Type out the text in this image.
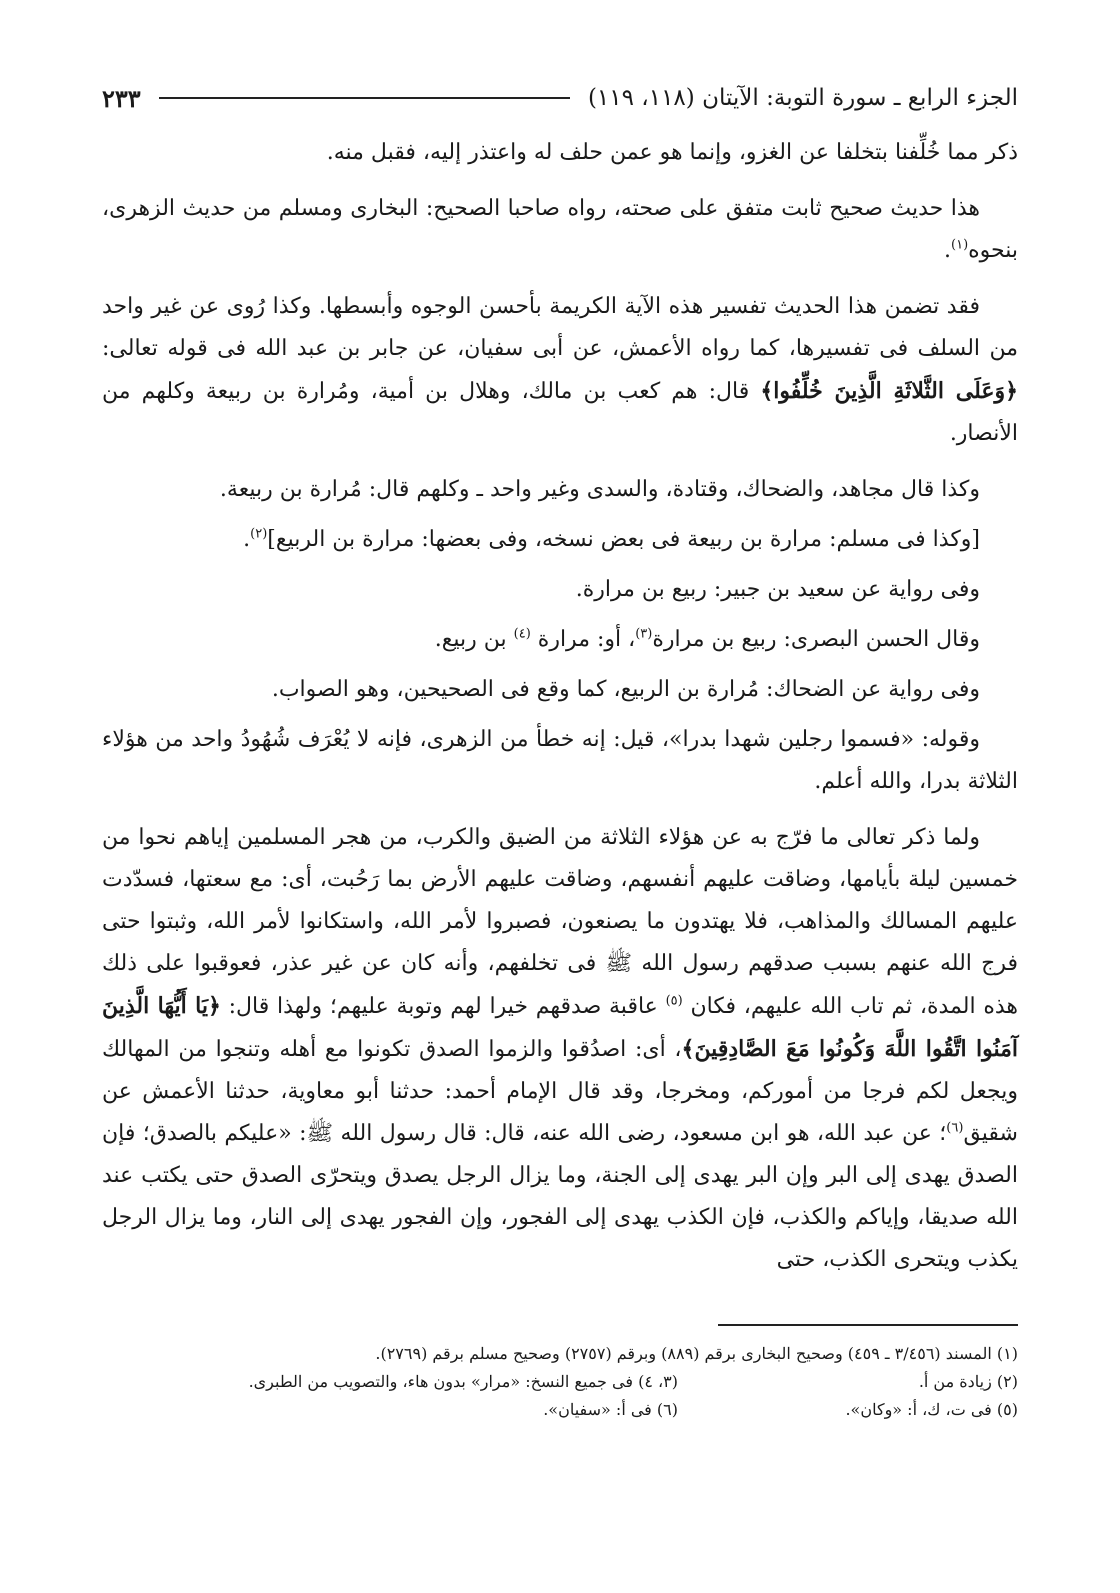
الجزء الرابع ـ سورة التوبة: الآيتان (١١٨، ١١٩)
٢٣٣

ذكر مما خُلِّفنا بتخلفا عن الغزو، وإنما هو عمن حلف له واعتذر إليه، فقبل منه.

هذا حديث صحيح ثابت متفق على صحته، رواه صاحبا الصحيح: البخارى ومسلم من حديث الزهرى، بنحوه$^{(١)}$.

فقد تضمن هذا الحديث تفسير هذه الآية الكريمة بأحسن الوجوه وأبسطها. وكذا رُوى عن غير واحد من السلف فى تفسيرها، كما رواه الأعمش، عن أبى سفيان، عن جابر بن عبد الله فى قوله تعالى: ﴿وَعَلَى الثَّلاثَةِ الَّذِينَ خُلِّفُوا﴾ قال: هم كعب بن مالك، وهلال بن أمية، ومُرارة بن ربيعة وكلهم من الأنصار.

وكذا قال مجاهد، والضحاك، وقتادة، والسدى وغير واحد ـ وكلهم قال: مُرارة بن ربيعة.

[وكذا فى مسلم: مرارة بن ربيعة فى بعض نسخه، وفى بعضها: مرارة بن الربيع]$^{(٢)}$.

وفى رواية عن سعيد بن جبير: ربيع بن مرارة.

وقال الحسن البصرى: ربيع بن مرارة$^{(٣)}$، أو: مرارة $^{(٤)}$ بن ربيع.

وفى رواية عن الضحاك: مُرارة بن الربيع، كما وقع فى الصحيحين، وهو الصواب.

وقوله: «فسموا رجلين شهدا بدرا»، قيل: إنه خطأ من الزهرى، فإنه لا يُعْرَف شُهُودُ واحد من هؤلاء الثلاثة بدرا، والله أعلم.

ولما ذكر تعالى ما فرّج به عن هؤلاء الثلاثة من الضيق والكرب، من هجر المسلمين إياهم نحوا من خمسين ليلة بأيامها، وضاقت عليهم أنفسهم، وضاقت عليهم الأرض بما رَحُبت، أى: مع سعتها، فسدّدت عليهم المسالك والمذاهب، فلا يهتدون ما يصنعون، فصبروا لأمر الله، واستكانوا لأمر الله، وثبتوا حتى فرج الله عنهم بسبب صدقهم رسول الله ﷺ فى تخلفهم، وأنه كان عن غير عذر، فعوقبوا على ذلك هذه المدة، ثم تاب الله عليهم، فكان $^{(٥)}$ عاقبة صدقهم خيرا لهم وتوبة عليهم؛ ولهذا قال: ﴿يَا أَيُّهَا الَّذِينَ آمَنُوا اتَّقُوا اللَّهَ وَكُونُوا مَعَ الصَّادِقِينَ﴾، أى: اصدُقوا والزموا الصدق تكونوا مع أهله وتنجوا من المهالك ويجعل لكم فرجا من أموركم، ومخرجا، وقد قال الإمام أحمد: حدثنا أبو معاوية، حدثنا الأعمش عن شقيق$^{(٦)}$؛ عن عبد الله، هو ابن مسعود، رضى الله عنه، قال: قال رسول الله ﷺ: «عليكم بالصدق؛ فإن الصدق يهدى إلى البر وإن البر يهدى إلى الجنة، وما يزال الرجل يصدق ويتحرّى الصدق حتى يكتب عند الله صديقا، وإياكم والكذب، فإن الكذب يهدى إلى الفجور، وإن الفجور يهدى إلى النار، وما يزال الرجل يكذب ويتحرى الكذب، حتى

(١) المسند (٣/٤٥٦ ـ ٤٥٩) وصحيح البخارى برقم (٨٨٩) وبرقم (٢٧٥٧) وصحيح مسلم برقم (٢٧٦٩).
(٢) زيادة من أ.
(٣، ٤) فى جميع النسخ: «مرار» بدون هاء، والتصويب من الطبرى.
(٥) فى ت، ك، أ: «وكان».
(٦) فى أ: «سفيان».
